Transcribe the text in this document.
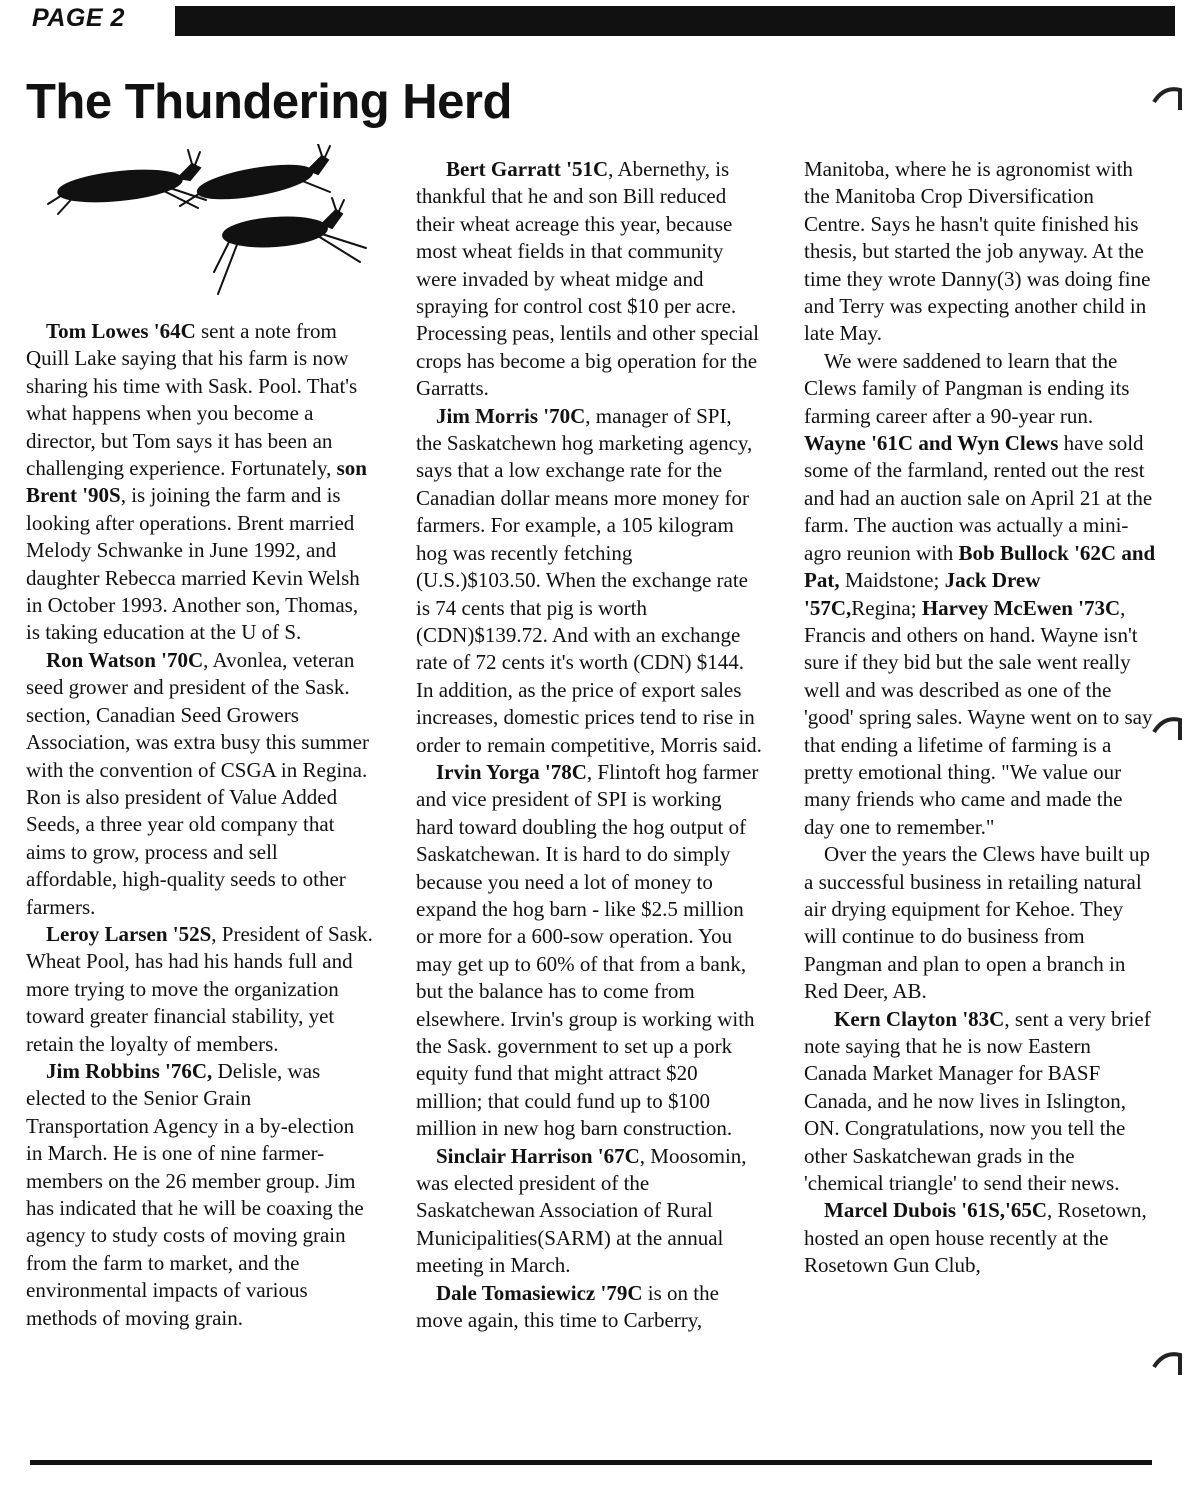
PAGE 2
The Thundering Herd

Tom Lowes '64C sent a note from Quill Lake saying that his farm is now sharing his time with Sask. Pool. That's what happens when you become a director, but Tom says it has been an challenging experience. Fortunately, son Brent '90S, is joining the farm and is looking after operations. Brent married Melody Schwanke in June 1992, and daughter Rebecca married Kevin Welsh in October 1993. Another son, Thomas, is taking education at the U of S.

Ron Watson '70C, Avonlea, veteran seed grower and president of the Sask. section, Canadian Seed Growers Association, was extra busy this summer with the convention of CSGA in Regina. Ron is also president of Value Added Seeds, a three year old company that aims to grow, process and sell affordable, high-quality seeds to other farmers.

Leroy Larsen '52S, President of Sask. Wheat Pool, has had his hands full and more trying to move the organization toward greater financial stability, yet retain the loyalty of members.

Jim Robbins '76C, Delisle, was elected to the Senior Grain Transportation Agency in a by-election in March. He is one of nine farmer-members on the 26 member group. Jim has indicated that he will be coaxing the agency to study costs of moving grain from the farm to market, and the environmental impacts of various methods of moving grain.

Bert Garratt '51C, Abernethy, is thankful that he and son Bill reduced their wheat acreage this year, because most wheat fields in that community were invaded by wheat midge and spraying for control cost $10 per acre. Processing peas, lentils and other special crops has become a big operation for the Garratts.

Jim Morris '70C, manager of SPI, the Saskatchewn hog marketing agency, says that a low exchange rate for the Canadian dollar means more money for farmers. For example, a 105 kilogram hog was recently fetching (U.S.)$103.50. When the exchange rate is 74 cents that pig is worth (CDN)$139.72. And with an exchange rate of 72 cents it's worth (CDN) $144. In addition, as the price of export sales increases, domestic prices tend to rise in order to remain competitive, Morris said.

Irvin Yorga '78C, Flintoft hog farmer and vice president of SPI is working hard toward doubling the hog output of Saskatchewan. It is hard to do simply because you need a lot of money to expand the hog barn - like $2.5 million or more for a 600-sow operation. You may get up to 60% of that from a bank, but the balance has to come from elsewhere. Irvin's group is working with the Sask. government to set up a pork equity fund that might attract $20 million; that could fund up to $100 million in new hog barn construction.

Sinclair Harrison '67C, Moosomin, was elected president of the Saskatchewan Association of Rural Municipalities(SARM) at the annual meeting in March.

Dale Tomasiewicz '79C is on the move again, this time to Carberry,

Manitoba, where he is agronomist with the Manitoba Crop Diversification Centre. Says he hasn't quite finished his thesis, but started the job anyway. At the time they wrote Danny(3) was doing fine and Terry was expecting another child in late May.

We were saddened to learn that the Clews family of Pangman is ending its farming career after a 90-year run. Wayne '61C and Wyn Clews have sold some of the farmland, rented out the rest and had an auction sale on April 21 at the farm. The auction was actually a mini-agro reunion with Bob Bullock '62C and Pat, Maidstone; Jack Drew '57C,Regina; Harvey McEwen '73C, Francis and others on hand. Wayne isn't sure if they bid but the sale went really well and was described as one of the 'good' spring sales. Wayne went on to say that ending a lifetime of farming is a pretty emotional thing. "We value our many friends who came and made the day one to remember."

Over the years the Clews have built up a successful business in retailing natural air drying equipment for Kehoe. They will continue to do business from Pangman and plan to open a branch in Red Deer, AB.

Kern Clayton '83C, sent a very brief note saying that he is now Eastern Canada Market Manager for BASF Canada, and he now lives in Islington, ON. Congratulations, now you tell the other Saskatchewan grads in the 'chemical triangle' to send their news.

Marcel Dubois '61S,'65C, Rosetown, hosted an open house recently at the Rosetown Gun Club,
